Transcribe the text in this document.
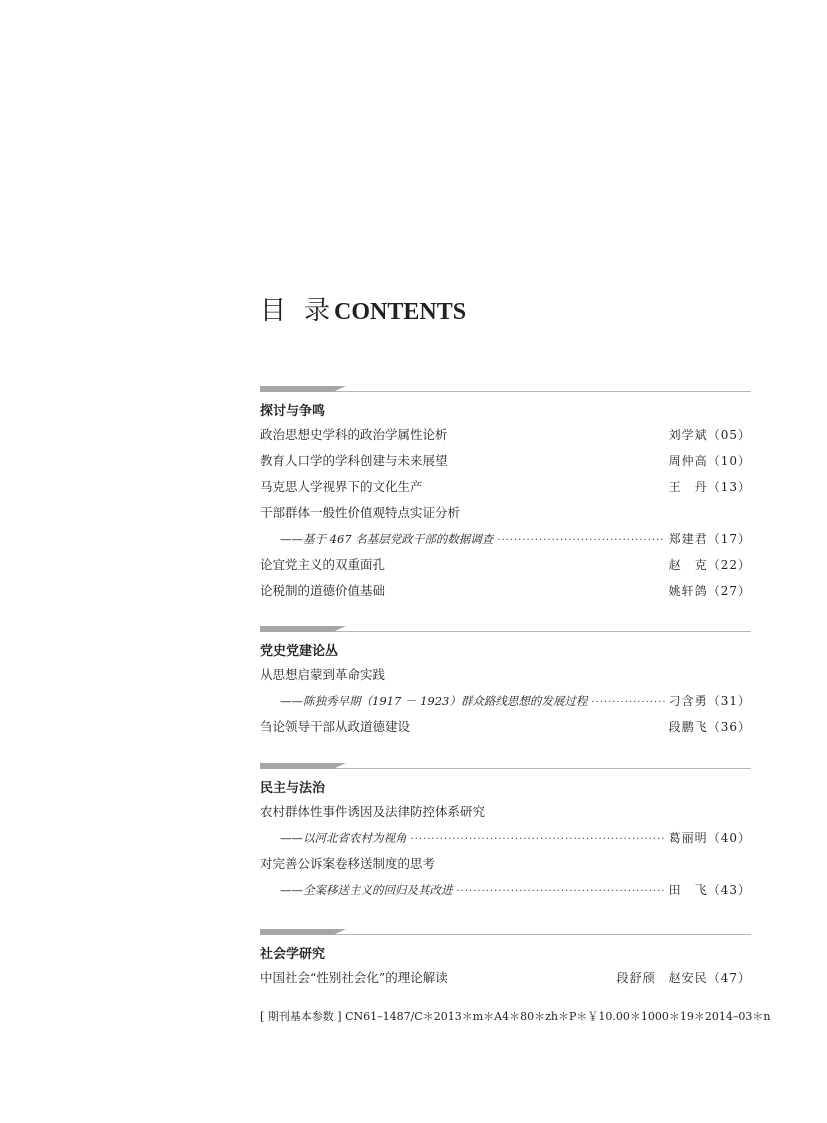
目 录 CONTENTS
探讨与争鸣
政治思想史学科的政治学属性论析	刘学斌（05）
教育人口学的学科创建与未来展望	周仲高（10）
马克思人学视界下的文化生产	王　丹（13）
干部群体一般性价值观特点实证分析
——基于 467 名基层党政干部的数据调查 ·····	郑建君（17）
论宜党主义的双重面孔	赵　克（22）
论税制的道德价值基础	姚轩鸽（27）
党史党建论丛
从思想启蒙到革命实践
——陈独秀早期（1917 － 1923）群众路线思想的发展过程 ·····	刁含勇（31）
刍论领导干部从政道德建设	段鹏飞（36）
民主与法治
农村群体性事件诱因及法律防控体系研究
——以河北省农村为视角 ·····	葛丽明（40）
对完善公诉案卷移送制度的思考
——全案移送主义的回归及其改进 ·····	田　飞（43）
社会学研究
中国社会“性别社会化”的理论解读	段舒颀　赵安民（47）
[ 期刊基本参数 ] CN61–1487/C＊2013＊m＊A4＊80＊zh＊P＊￥10.00＊1000＊19＊2014–03＊n
